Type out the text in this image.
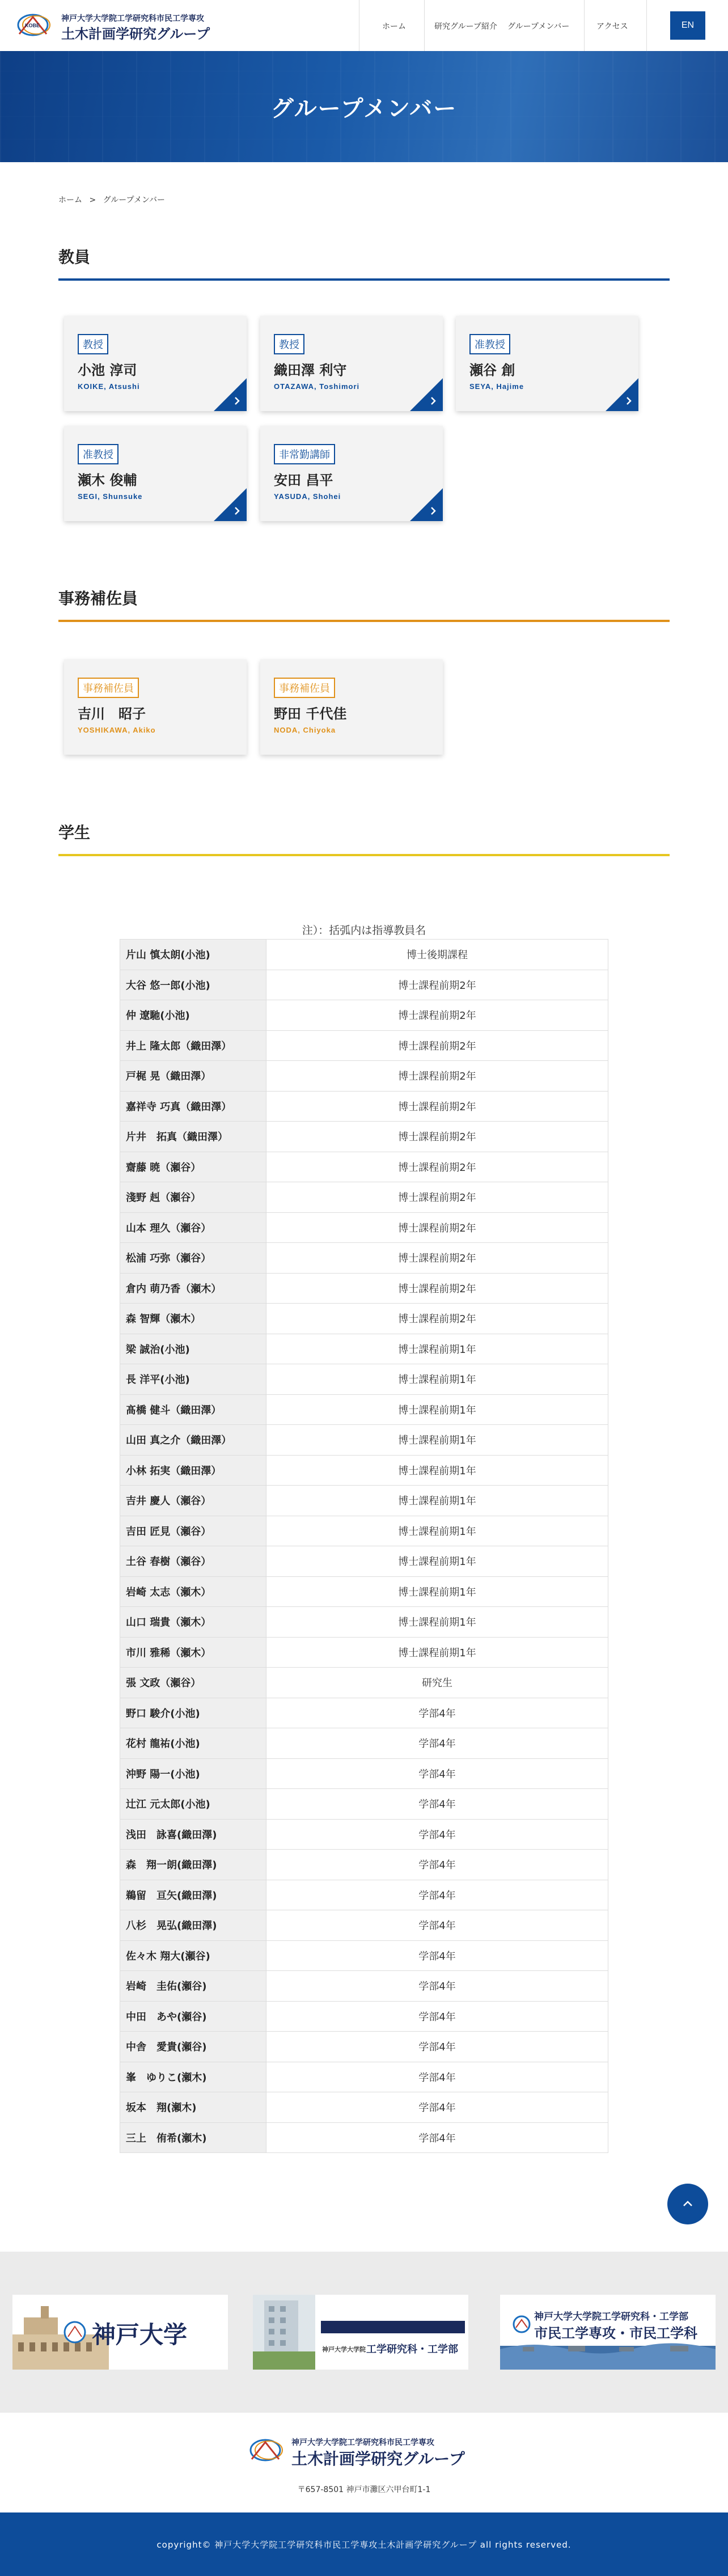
KOBE
神戸大学大学院工学研究科市民工学専攻
土木計画学研究グループ	ホーム	研究グループ紹介 グループメンバー	アクセス	EN
グループメンバー
ホーム > グループメンバー
教員
教授
小池 淳司
KOIKE, Atsushi
教授
織田澤 利守
OTAZAWA, Toshimori
准教授
瀬谷 創
SEYA, Hajime
准教授
瀬木 俊輔
SEGI, Shunsuke
非常勤講師
安田 昌平
YASUDA, Shohei
事務補佐員
事務補佐員
吉川　昭子
YOSHIKAWA, Akiko
事務補佐員
野田 千代佳
NODA, Chiyoka
学生
注）：括弧内は指導教員名
片山 慎太朗(小池)	博士後期課程
大谷 悠一郎(小池)	博士課程前期2年
仲 遼馳(小池)	博士課程前期2年
井上 隆太郎（織田澤）	博士課程前期2年
戸梶 晃（織田澤）	博士課程前期2年
嘉祥寺 巧真（織田澤）	博士課程前期2年
片井　拓真（織田澤）	博士課程前期2年
齋藤 暁（瀬谷）	博士課程前期2年
淺野 赳（瀬谷）	博士課程前期2年
山本 理久（瀬谷）	博士課程前期2年
松浦 巧弥（瀬谷）	博士課程前期2年
倉内 萌乃香（瀬木）	博士課程前期2年
森 智輝（瀬木）	博士課程前期2年
梁 誠治(小池)	博士課程前期1年
長 洋平(小池)	博士課程前期1年
髙橋 健斗（織田澤）	博士課程前期1年
山田 真之介（織田澤）	博士課程前期1年
小林 拓実（織田澤）	博士課程前期1年
吉井 慶人（瀬谷）	博士課程前期1年
吉田 匠見（瀬谷）	博士課程前期1年
土谷 春樹（瀬谷）	博士課程前期1年
岩崎 太志（瀬木）	博士課程前期1年
山口 瑞貴（瀬木）	博士課程前期1年
市川 雅稀（瀬木）	博士課程前期1年
張 文政（瀬谷）	研究生
野口 駿介(小池)	学部4年
花村 龍祐(小池)	学部4年
沖野 陽一(小池)	学部4年
辻江 元太郎(小池)	学部4年
浅田　詠喜(織田澤)	学部4年
森　翔一朗(織田澤)	学部4年
鵜留　亘矢(織田澤)	学部4年
八杉　晃弘(織田澤)	学部4年
佐々木 翔大(瀬谷)	学部4年
岩崎　圭佑(瀬谷)	学部4年
中田　あや(瀬谷)	学部4年
中舎　愛貴(瀬谷)	学部4年
峯　ゆりこ(瀬木)	学部4年
坂本　翔(瀬木)	学部4年
三上　侑希(瀬木)	学部4年
神戸大学
神戸大学大学院 工学研究科・工学部
神戸大学大学院工学研究科・工学部
市民工学専攻・市民工学科
神戸大学大学院工学研究科市民工学専攻
土木計画学研究グループ
〒657-8501 神戸市灘区六甲台町1-1
copyright© 神戸大学大学院工学研究科市民工学専攻土木計画学研究グループ all rights reserved.
